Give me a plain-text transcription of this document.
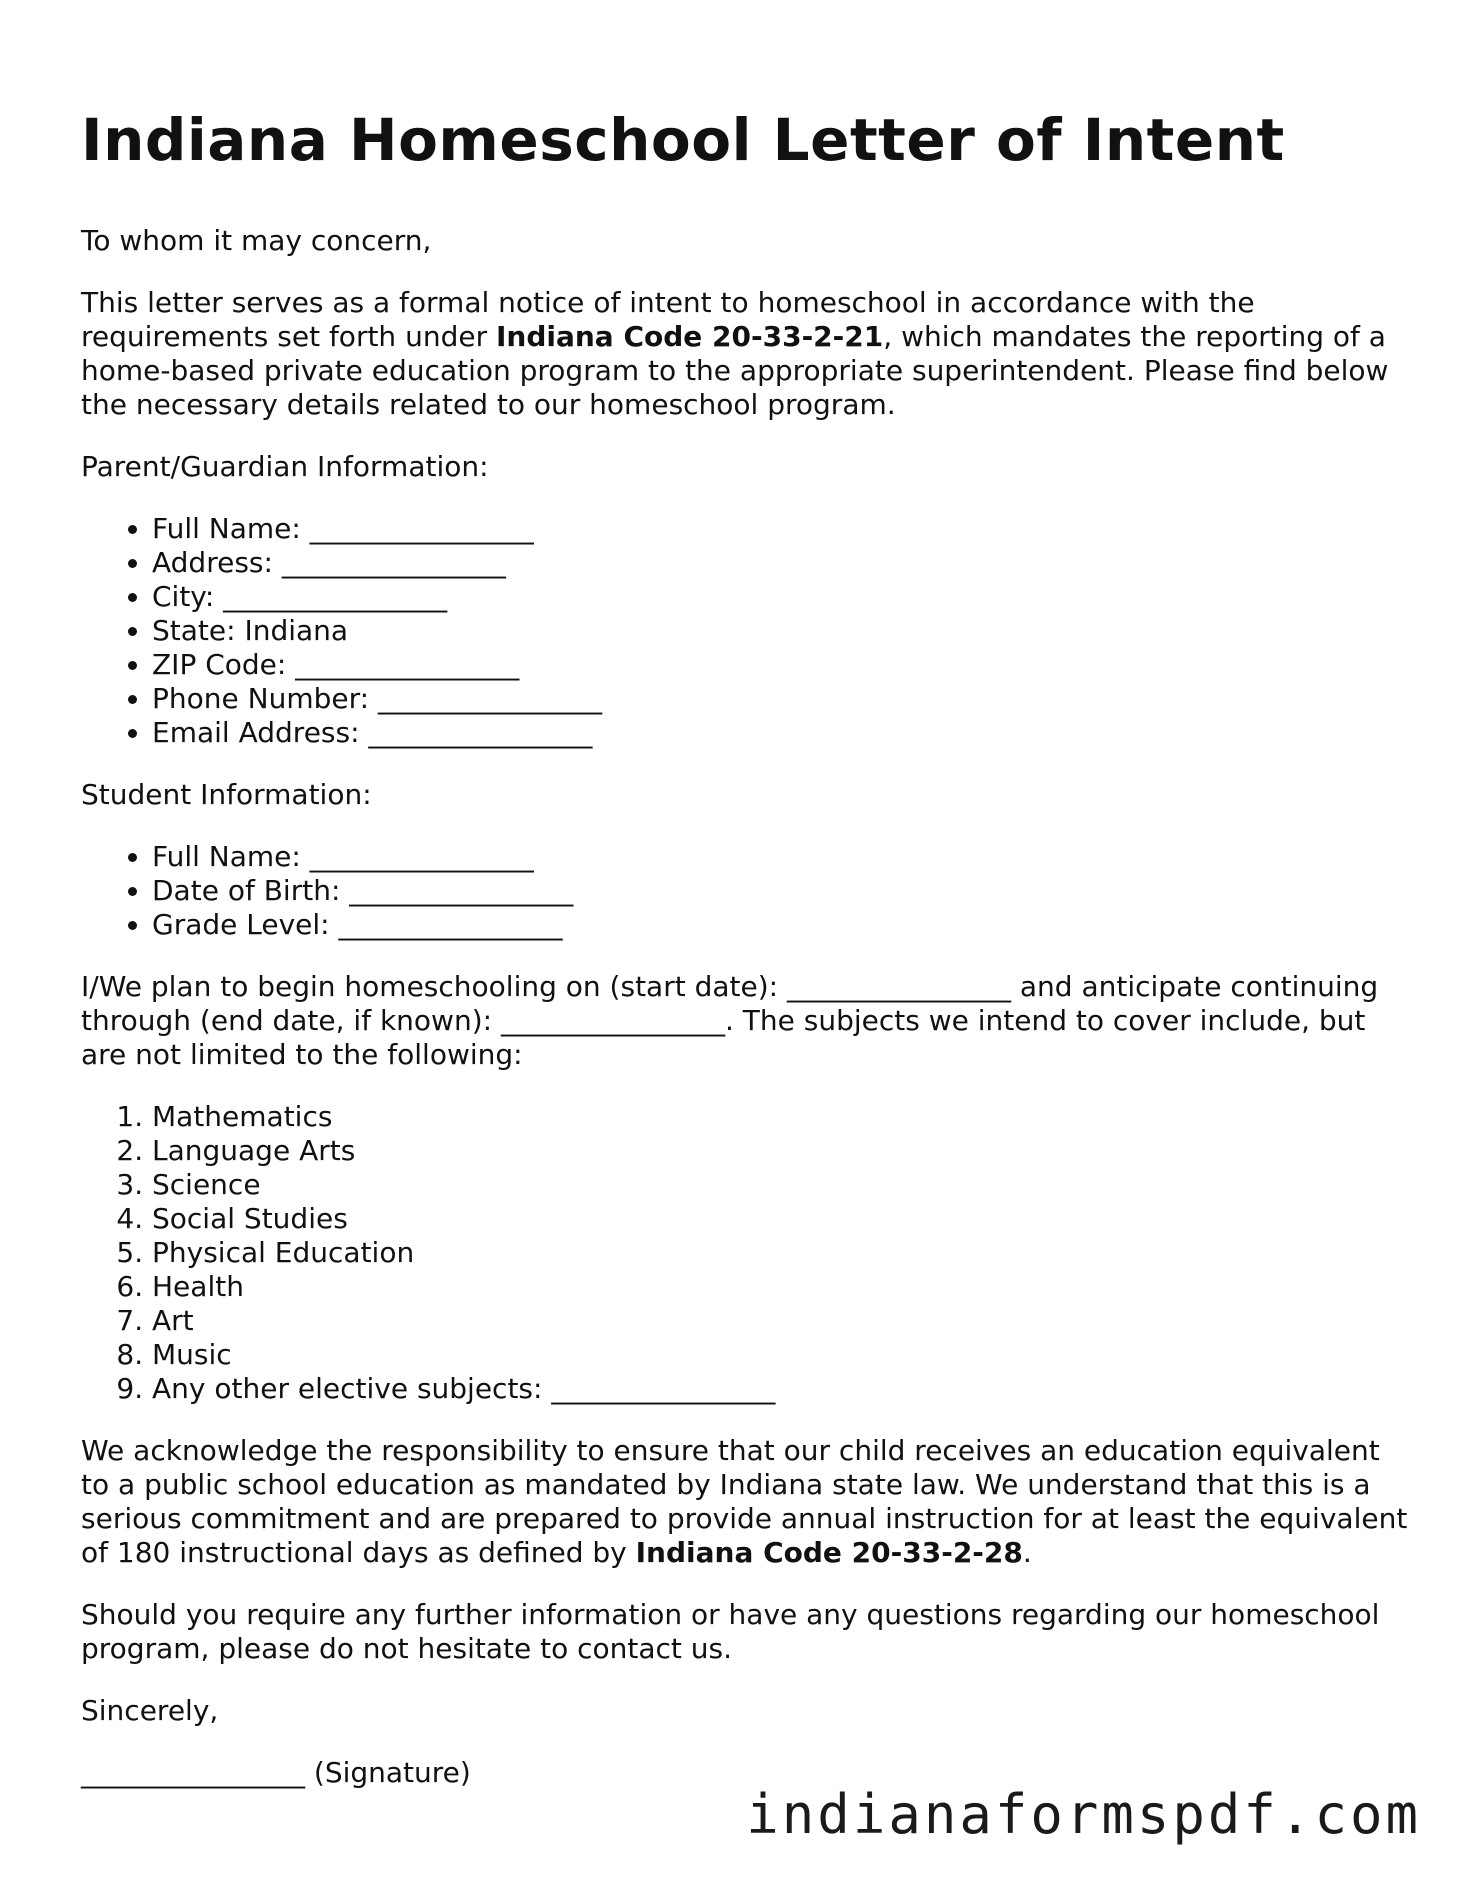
Indiana Homeschool Letter of Intent

To whom it may concern,

This letter serves as a formal notice of intent to homeschool in accordance with the requirements set forth under Indiana Code 20-33-2-21, which mandates the reporting of a home-based private education program to the appropriate superintendent. Please find below the necessary details related to our homeschool program.

Parent/Guardian Information:

• Full Name: ________________
• Address: ________________
• City: ________________
• State: Indiana
• ZIP Code: ________________
• Phone Number: ________________
• Email Address: ________________

Student Information:

• Full Name: ________________
• Date of Birth: ________________
• Grade Level: ________________

I/We plan to begin homeschooling on (start date): ________________ and anticipate continuing through (end date, if known): ________________. The subjects we intend to cover include, but are not limited to the following:

1. Mathematics
2. Language Arts
3. Science
4. Social Studies
5. Physical Education
6. Health
7. Art
8. Music
9. Any other elective subjects: ________________

We acknowledge the responsibility to ensure that our child receives an education equivalent to a public school education as mandated by Indiana state law. We understand that this is a serious commitment and are prepared to provide annual instruction for at least the equivalent of 180 instructional days as defined by Indiana Code 20-33-2-28.

Should you require any further information or have any questions regarding our homeschool program, please do not hesitate to contact us.

Sincerely,

________________ (Signature)

indianaformspdf.com
